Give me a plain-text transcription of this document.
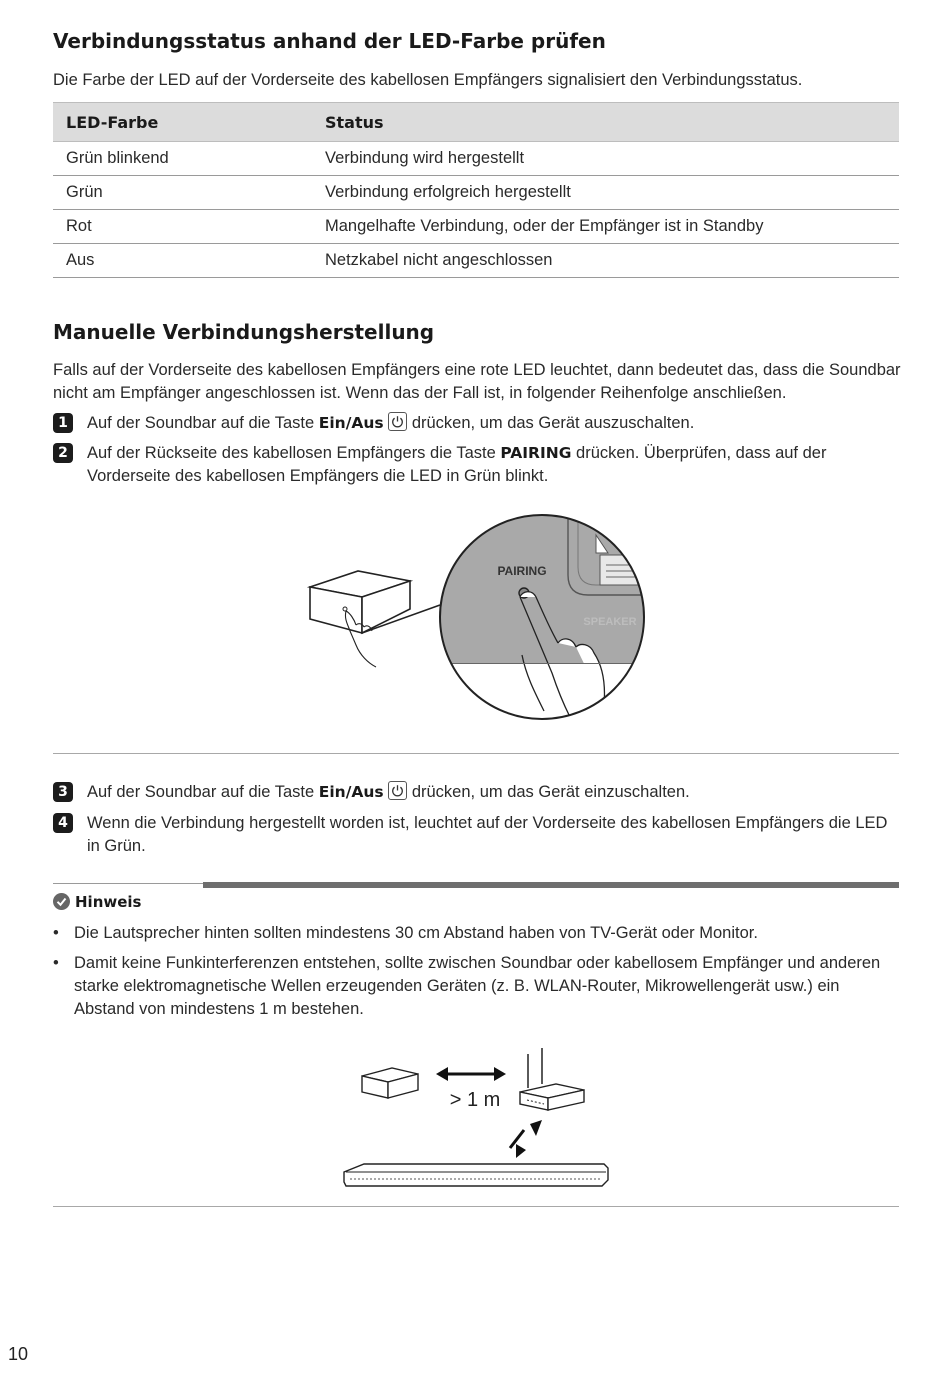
Verbindungsstatus anhand der LED-Farbe prüfen
Die Farbe der LED auf der Vorderseite des kabellosen Empfängers signalisiert den Verbindungsstatus.
LED-Farbe	Status
Grün blinkend	Verbindung wird hergestellt
Grün	Verbindung erfolgreich hergestellt
Rot	Mangelhafte Verbindung, oder der Empfänger ist in Standby
Aus	Netzkabel nicht angeschlossen
Manuelle Verbindungsherstellung
Falls auf der Vorderseite des kabellosen Empfängers eine rote LED leuchtet, dann bedeutet das, dass die Soundbar nicht am Empfänger angeschlossen ist. Wenn das der Fall ist, in folgender Reihenfolge anschließen.
1	Auf der Soundbar auf die Taste Ein/Aus
drücken, um das Gerät auszuschalten.
2	Auf der Rückseite des kabellosen Empfängers die Taste PAIRING drücken. Überprüfen, dass auf der Vorderseite des kabellosen Empfängers die LED in Grün blinkt.
PAIRING
SPEAKER
3	Auf der Soundbar auf die Taste Ein/Aus
drücken, um das Gerät einzuschalten.
4	Wenn die Verbindung hergestellt worden ist, leuchtet auf der Vorderseite des kabellosen Empfängers die LED in Grün.
Hinweis
• Die Lautsprecher hinten sollten mindestens 30 cm Abstand haben von TV-Gerät oder Monitor.
• Damit keine Funkinterferenzen entstehen, sollte zwischen Soundbar oder kabellosem Empfänger und anderen starke elektromagnetische Wellen erzeugenden Geräten (z. B. WLAN-Router, Mikrowellengerät usw.) ein Abstand von mindestens 1 m bestehen.
> 1 m
10
